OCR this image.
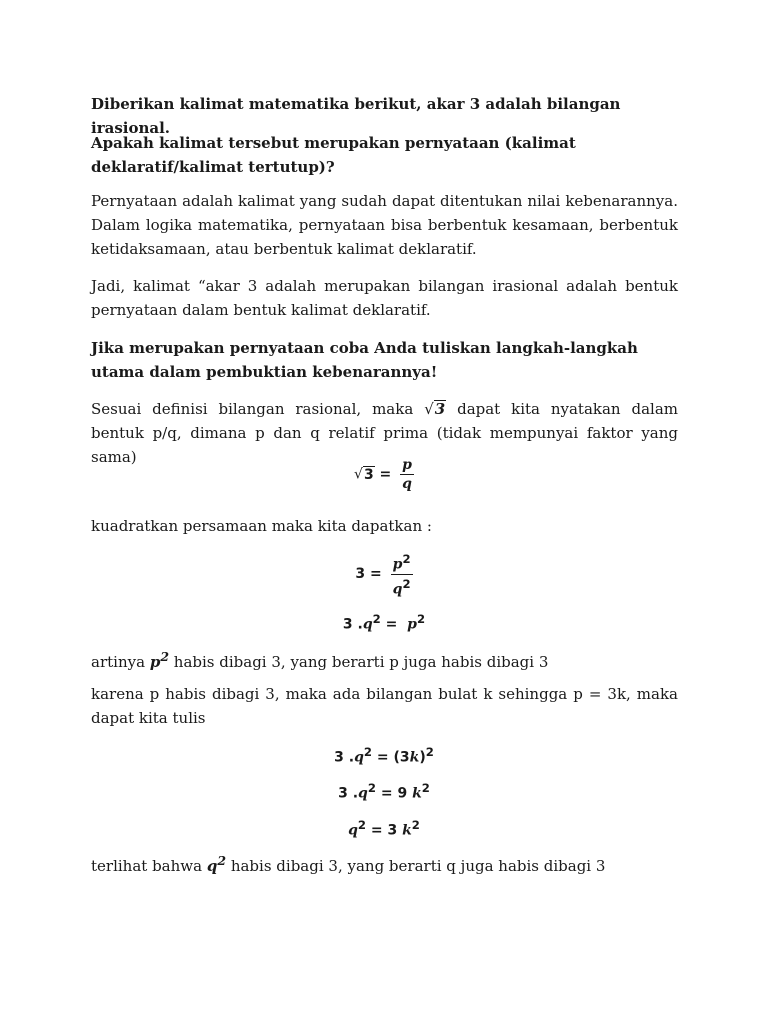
Diberikan kalimat matematika berikut, akar 3 adalah bilangan irasional.

Apakah kalimat tersebut merupakan pernyataan (kalimat deklaratif/kalimat tertutup)?

Pernyataan adalah kalimat yang sudah dapat ditentukan nilai kebenarannya. Dalam logika matematika, pernyataan bisa berbentuk kesamaan, berbentuk ketidaksamaan, atau berbentuk kalimat deklaratif.

Jadi, kalimat “akar 3 adalah merupakan bilangan irasional adalah bentuk pernyataan dalam bentuk kalimat deklaratif.

Jika merupakan pernyataan coba Anda tuliskan langkah-langkah utama dalam pembuktian kebenarannya!

Sesuai definisi bilangan rasional, maka √3 dapat kita nyatakan dalam bentuk p/q, dimana p dan q relatif prima (tidak mempunyai faktor yang sama)

$√3 = \frac{p}{q}$

kuadratkan persamaan maka kita dapatkan :

$3 = \frac{p^2}{q^2}$
3 $.q^2 = p^2$

artinya $p^2$ habis dibagi 3, yang berarti p juga habis dibagi 3

karena p habis dibagi 3, maka ada bilangan bulat k sehingga p = 3k, maka dapat kita tulis

3 $.q^2 = (3k)^2$
3 $.q^2 = 9$ $k^2$
$q^2 = 3$ $k^2$

terlihat bahwa $q^2$ habis dibagi 3, yang berarti q juga habis dibagi 3
